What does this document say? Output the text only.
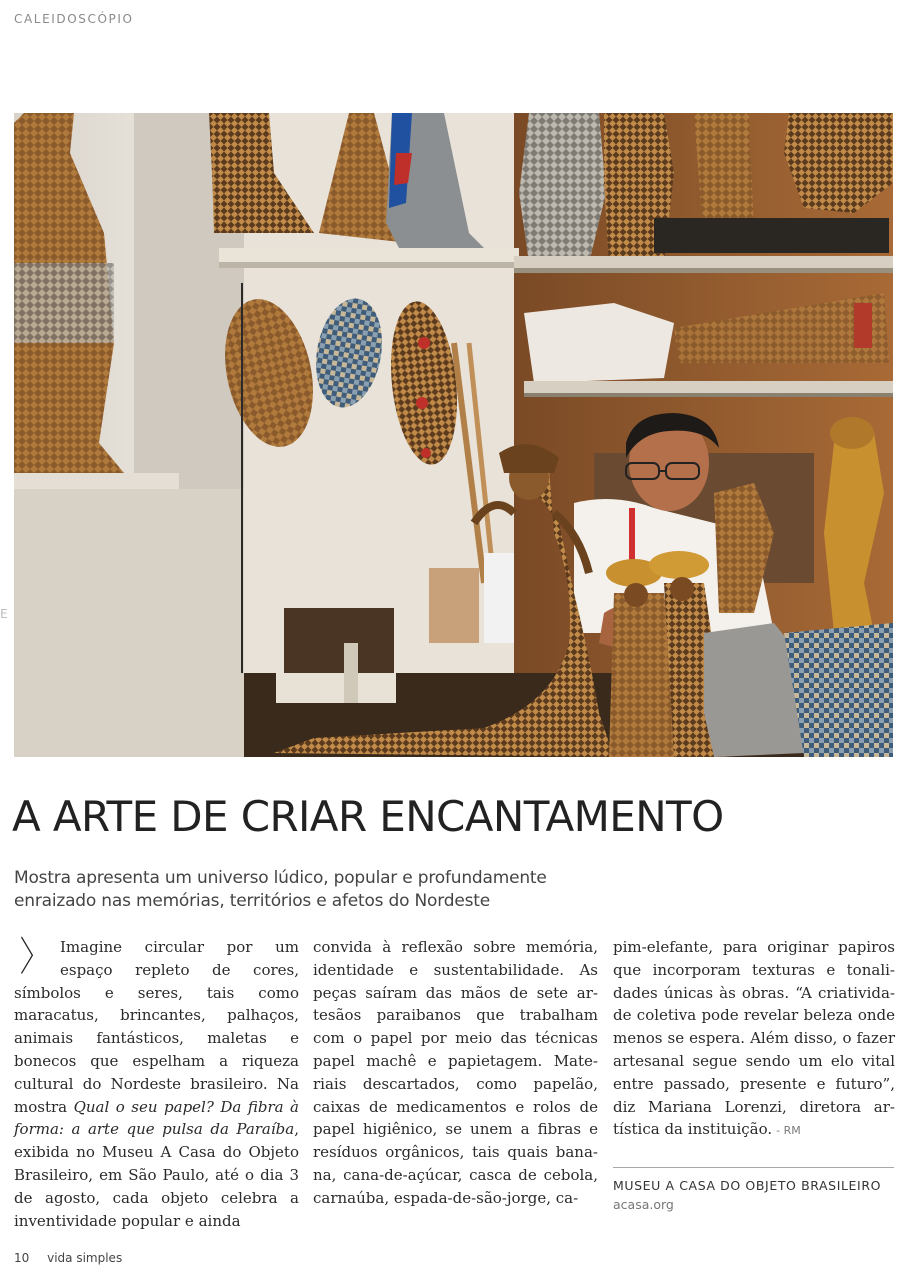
CALEIDOSCÓPIO
E
A ARTE DE CRIAR ENCANTAMENTO
Mostra apresenta um universo lúdico, popular e profundamente
enraizado nas memórias, territórios e afetos do Nordeste

〉 Imagine circular por um espaço repleto de cores, símbolos e seres, tais como maracatus, brincantes, palhaços, animais fantásticos, maletas e bonecos que espelham a riqueza cultural do Nordeste brasileiro. Na mostra Qual o seu papel? Da fibra à forma: a arte que pulsa da Paraíba, exibida no Museu A Casa do Objeto Brasileiro, em São Paulo, até o dia 3 de agosto, cada objeto celebra a inventividade popular e ainda

convida à reflexão sobre memória, identidade e sustentabilidade. As peças saíram das mãos de sete artesãos paraibanos que trabalham com o papel por meio das técnicas papel machê e papietagem. Materiais descartados, como papelão, caixas de medicamentos e rolos de papel higiênico, se unem a fibras e resíduos orgânicos, tais quais banana, cana-de-açúcar, casca de cebola, carnaúba, espada-de-são-jorge, ca-

pim-elefante, para originar papiros que incorporam texturas e tonalidades únicas às obras. “A criatividade coletiva pode revelar beleza onde menos se espera. Além disso, o fazer artesanal segue sendo um elo vital entre passado, presente e futuro”, diz Mariana Lorenzi, diretora artística da instituição. - RM

MUSEU A CASA DO OBJETO BRASILEIRO
acasa.org
10 vida simples
